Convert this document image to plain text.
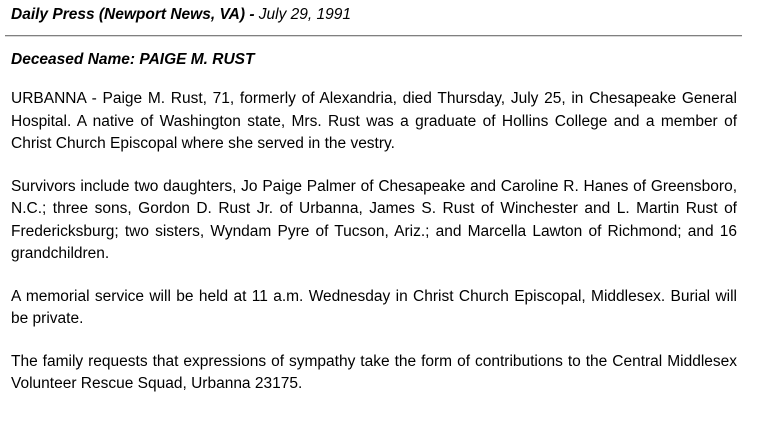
Daily Press (Newport News, VA) - July 29, 1991
Deceased Name: PAIGE M. RUST

URBANNA - Paige M. Rust, 71, formerly of Alexandria, died Thursday, July 25, in Chesapeake General Hospital. A native of Washington state, Mrs. Rust was a graduate of Hollins College and a member of Christ Church Episcopal where she served in the vestry.

Survivors include two daughters, Jo Paige Palmer of Chesapeake and Caroline R. Hanes of Greensboro, N.C.; three sons, Gordon D. Rust Jr. of Urbanna, James S. Rust of Winchester and L. Martin Rust of Fredericksburg; two sisters, Wyndam Pyre of Tucson, Ariz.; and Marcella Lawton of Richmond; and 16 grandchildren.

A memorial service will be held at 11 a.m. Wednesday in Christ Church Episcopal, Middlesex. Burial will be private.

The family requests that expressions of sympathy take the form of contributions to the Central Middlesex Volunteer Rescue Squad, Urbanna 23175.
